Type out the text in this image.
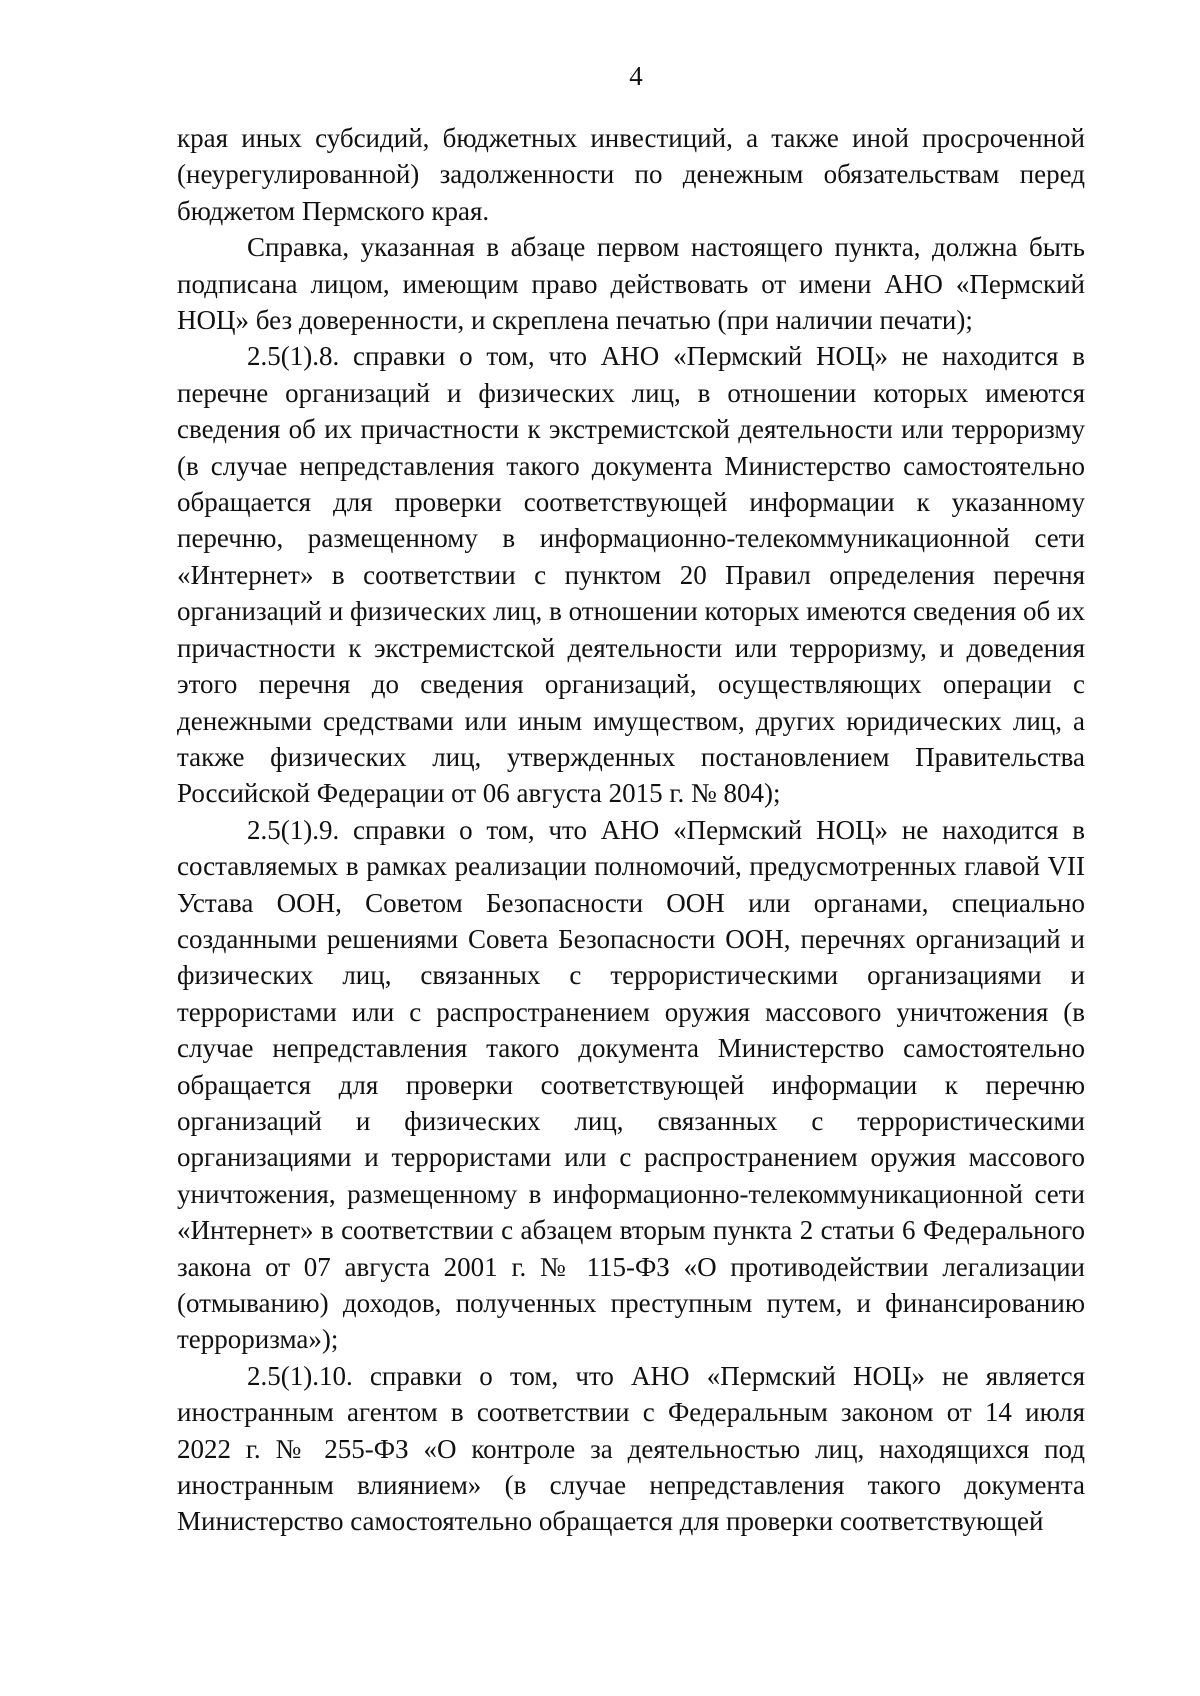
4

края иных субсидий, бюджетных инвестиций, а также иной просроченной (неурегулированной) задолженности по денежным обязательствам перед бюджетом Пермского края.

Справка, указанная в абзаце первом настоящего пункта, должна быть подписана лицом, имеющим право действовать от имени АНО «Пермский НОЦ» без доверенности, и скреплена печатью (при наличии печати);

2.5(1).8. справки о том, что АНО «Пермский НОЦ» не находится в перечне организаций и физических лиц, в отношении которых имеются сведения об их причастности к экстремистской деятельности или терроризму (в случае непредставления такого документа Министерство самостоятельно обращается для проверки соответствующей информации к указанному перечню, размещенному в информационно-телекоммуникационной сети «Интернет» в соответствии с пунктом 20 Правил определения перечня организаций и физических лиц, в отношении которых имеются сведения об их причастности к экстремистской деятельности или терроризму, и доведения этого перечня до сведения организаций, осуществляющих операции с денежными средствами или иным имуществом, других юридических лиц, а также физических лиц, утвержденных постановлением Правительства Российской Федерации от 06 августа 2015 г. № 804);

2.5(1).9. справки о том, что АНО «Пермский НОЦ» не находится в составляемых в рамках реализации полномочий, предусмотренных главой VII Устава ООН, Советом Безопасности ООН или органами, специально созданными решениями Совета Безопасности ООН, перечнях организаций и физических лиц, связанных с террористическими организациями и террористами или с распространением оружия массового уничтожения (в случае непредставления такого документа Министерство самостоятельно обращается для проверки соответствующей информации к перечню организаций и физических лиц, связанных с террористическими организациями и террористами или с распространением оружия массового уничтожения, размещенному в информационно-телекоммуникационной сети «Интернет» в соответствии с абзацем вторым пункта 2 статьи 6 Федерального закона от 07 августа 2001 г. № 115-ФЗ «О противодействии легализации (отмыванию) доходов, полученных преступным путем, и финансированию терроризма»);

2.5(1).10. справки о том, что АНО «Пермский НОЦ» не является иностранным агентом в соответствии с Федеральным законом от 14 июля 2022 г. № 255-ФЗ «О контроле за деятельностью лиц, находящихся под иностранным влиянием» (в случае непредставления такого документа Министерство самостоятельно обращается для проверки соответствующей
